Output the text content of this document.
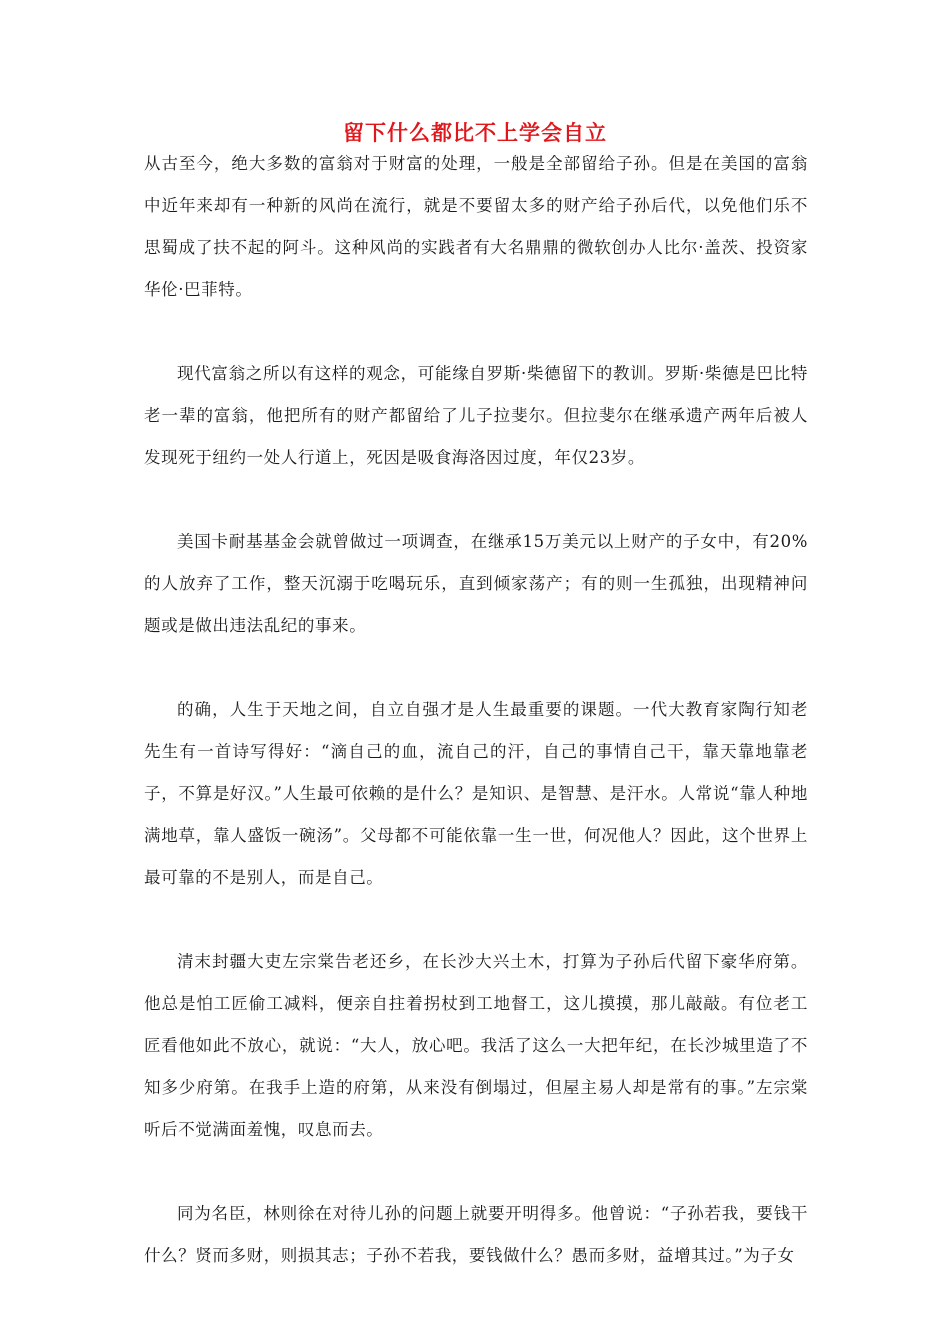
留下什么都比不上学会自立

从古至今，绝大多数的富翁对于财富的处理，一般是全部留给子孙。但是在美国的富翁中近年来却有一种新的风尚在流行，就是不要留太多的财产给子孙后代，以免他们乐不思蜀成了扶不起的阿斗。这种风尚的实践者有大名鼎鼎的微软创办人比尔·盖茨、投资家华伦·巴菲特。

现代富翁之所以有这样的观念，可能缘自罗斯·柴德留下的教训。罗斯·柴德是巴比特老一辈的富翁，他把所有的财产都留给了儿子拉斐尔。但拉斐尔在继承遗产两年后被人发现死于纽约一处人行道上，死因是吸食海洛因过度，年仅23岁。

美国卡耐基基金会就曾做过一项调查，在继承15万美元以上财产的子女中，有20%的人放弃了工作，整天沉溺于吃喝玩乐，直到倾家荡产；有的则一生孤独，出现精神问题或是做出违法乱纪的事来。

的确，人生于天地之间，自立自强才是人生最重要的课题。一代大教育家陶行知老先生有一首诗写得好：“滴自己的血，流自己的汗，自己的事情自己干，靠天靠地靠老子，不算是好汉。”人生最可依赖的是什么？是知识、是智慧、是汗水。人常说“靠人种地满地草，靠人盛饭一碗汤”。父母都不可能依靠一生一世，何况他人？因此，这个世界上最可靠的不是别人，而是自己。

清末封疆大吏左宗棠告老还乡，在长沙大兴土木，打算为子孙后代留下豪华府第。他总是怕工匠偷工减料，便亲自拄着拐杖到工地督工，这儿摸摸，那儿敲敲。有位老工匠看他如此不放心，就说：“大人，放心吧。我活了这么一大把年纪，在长沙城里造了不知多少府第。在我手上造的府第，从来没有倒塌过，但屋主易人却是常有的事。”左宗棠听后不觉满面羞愧，叹息而去。

同为名臣，林则徐在对待儿孙的问题上就要开明得多。他曾说：“子孙若我，要钱干什么？贤而多财，则损其志；子孙不若我，要钱做什么？愚而多财，益增其过。”为子女
